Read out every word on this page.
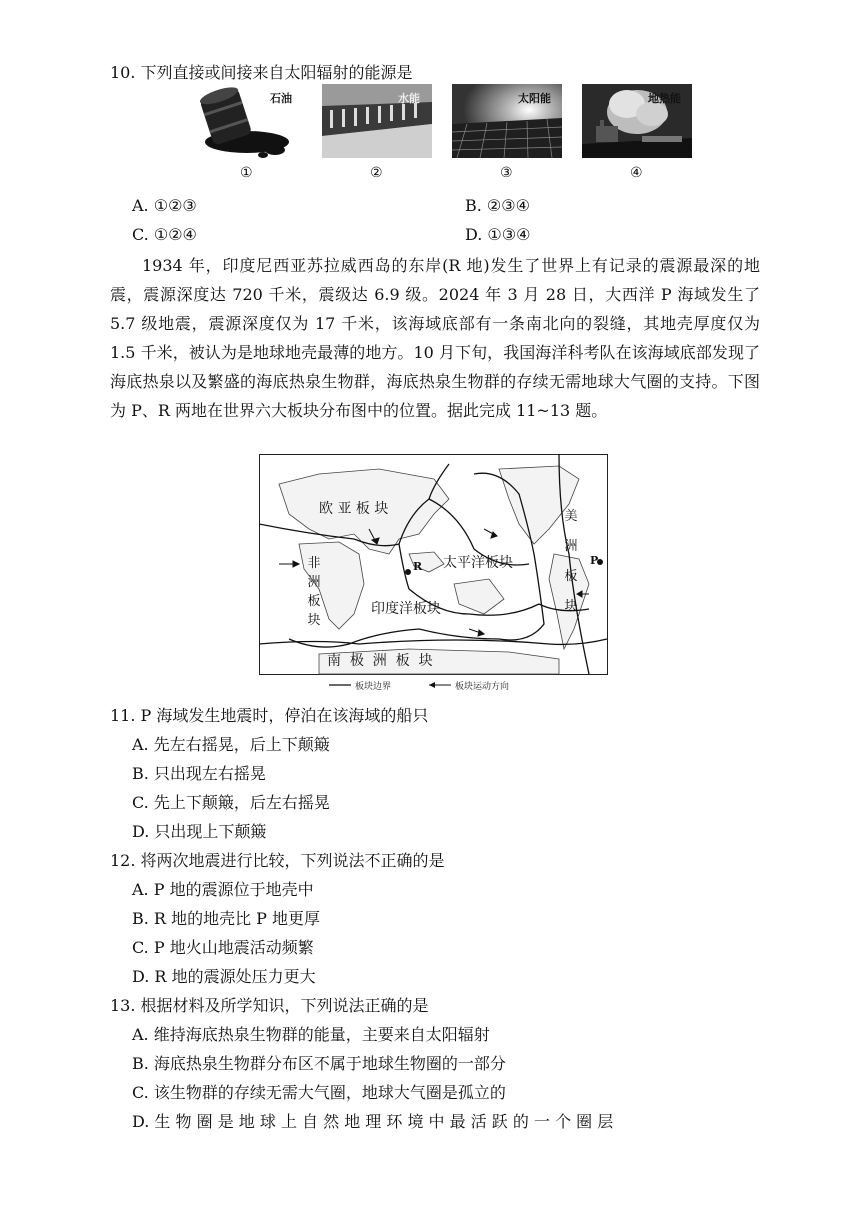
10. 下列直接或间接来自太阳辐射的能源是
石油	水能	太阳能	地热能
①	②	③	④
A. ①②③	B. ②③④
C. ①②④	D. ①③④
1934 年，印度尼西亚苏拉威西岛的东岸(R 地)发生了世界上有记录的震源最深的地震，震源深度达 720 千米，震级达 6.9 级。2024 年 3 月 28 日，大西洋 P 海域发生了 5.7 级地震，震源深度仅为 17 千米，该海域底部有一条南北向的裂缝，其地壳厚度仅为 1.5 千米，被认为是地球地壳最薄的地方。10 月下旬，我国海洋科考队在该海域底部发现了海底热泉以及繁盛的海底热泉生物群，海底热泉生物群的存续无需地球大气圈的支持。下图为 P、R 两地在世界六大板块分布图中的位置。据此完成 11~13 题。
欧 亚 板 块
非
洲
板
块
太平洋板块
印度洋板块
南  极  洲  板  块
美
洲
板
块
R	P
板块边界	板块运动方向
11. P 海域发生地震时，停泊在该海域的船只
A. 先左右摇晃，后上下颠簸
B. 只出现左右摇晃
C. 先上下颠簸，后左右摇晃
D. 只出现上下颠簸
12. 将两次地震进行比较，下列说法不正确的是
A. P 地的震源位于地壳中
B. R 地的地壳比 P 地更厚
C. P 地火山地震活动频繁
D. R 地的震源处压力更大
13. 根据材料及所学知识，下列说法正确的是
A. 维持海底热泉生物群的能量，主要来自太阳辐射
B. 海底热泉生物群分布区不属于地球生物圈的一部分
C. 该生物群的存续无需大气圈，地球大气圈是孤立的
D. 生 物 圈 是 地 球 上 自 然 地 理 环 境 中 最 活 跃 的 一 个 圈 层
